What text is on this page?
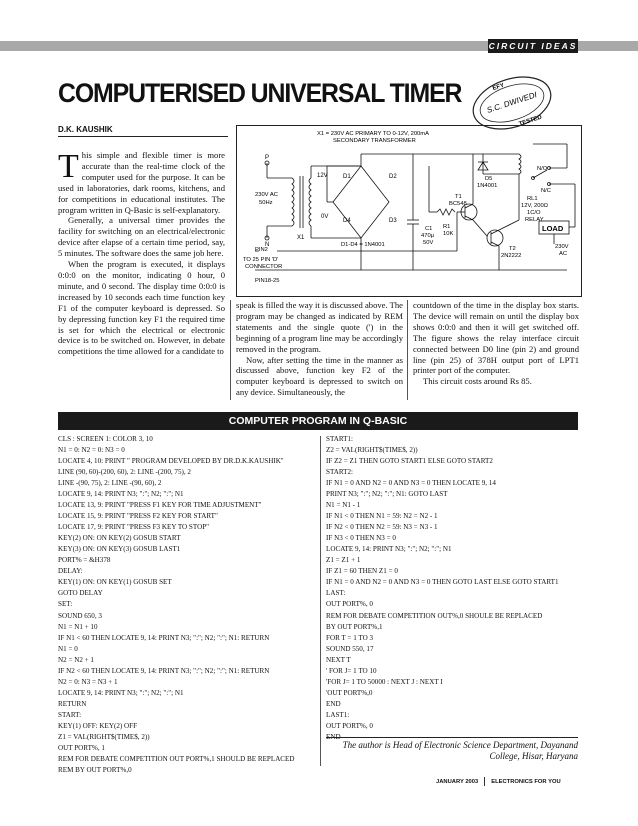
CIRCUIT IDEAS
COMPUTERISED UNIVERSAL TIMER	S.C. DWIVEDI
EFY
TESTED
D.K. KAUSHIK

This simple and flexible timer is more accurate than the real-time clock of the computer used for the purpose. It can be used in laboratories, dark rooms, kitchens, and for competitions in educational institutes. The program written in Q-Basic is self-explanatory.

Generally, a universal timer provides the facility for switching on an electrical/electronic device after elapse of a certain time period, say, 5 minutes. The software does the same job here.

When the program is executed, it displays 0:0:0 on the monitor, indicating 0 hour, 0 minute, and 0 second. The display time 0:0:0 is increased by 10 seconds each time function key F1 of the computer keyboard is depressed. So by depressing function key F1 the required time is set for which the electrical or electronic device is to be switched on. However, in debate competitions the time allowed for a candidate to

X1 = 230V AC PRIMARY TO 0-12V, 200mA
SECONDARY TRANSFORMER
P
230V AC
50Hz
N
X1
12V
0V
D1	D2
D3
D4
D1-D4 = 1N4001
C1
470µ
50V
D5
1N4001
T1
BC548
R1
10K
T2
2N2222
RL1
12V, 200Ω
1C/O
RELAY
N/O
N/C
LOAD
230V
AC
PIN2
TO 25 PIN 'D'
CONNECTOR
PIN18-25

speak is filled the way it is discussed above. The program may be changed as indicated by REM statements and the single quote (') in the beginning of a program line may be accordingly removed in the program.

Now, after setting the time in the manner as discussed above, function key F2 of the computer keyboard is depressed to switch on any device. Simultaneously, the

countdown of the time in the display box starts. The device will remain on until the display box shows 0:0:0 and then it will get switched off. The figure shows the relay interface circuit connected between D0 line (pin 2) and ground line (pin 25) of 378H output port of LPT1 printer port of the computer.

This circuit costs around Rs 85.

COMPUTER PROGRAM IN Q-BASIC
CLS : SCREEN 1: COLOR 3, 10
N1 = 0: N2 = 0: N3 = 0
LOCATE 4, 10: PRINT " PROGRAM DEVELOPED BY DR.D.K.KAUSHIK"
LINE (90, 60)-(200, 60), 2: LINE -(200, 75), 2
LINE -(90, 75), 2: LINE -(90, 60), 2
LOCATE 9, 14: PRINT N3; ":"; N2; ":"; N1
LOCATE 13, 9: PRINT "PRESS F1 KEY FOR TIME ADJUSTMENT"
LOCATE 15, 9: PRINT "PRESS F2 KEY FOR START"
LOCATE 17, 9: PRINT "PRESS F3 KEY TO STOP"
KEY(2) ON: ON KEY(2) GOSUB START
KEY(3) ON: ON KEY(3) GOSUB LAST1
PORT% = &H378
DELAY:
KEY(1) ON: ON KEY(1) GOSUB SET
GOTO DELAY
SET:
SOUND 650, 3
N1 = N1 + 10
IF N1 < 60 THEN LOCATE 9, 14: PRINT N3; ":"; N2; ":"; N1: RETURN
N1 = 0
N2 = N2 + 1
IF N2 < 60 THEN LOCATE 9, 14: PRINT N3; ":"; N2; ":"; N1: RETURN
N2 = 0: N3 = N3 + 1
LOCATE 9, 14: PRINT N3; ":"; N2; ":"; N1
RETURN
START:
KEY(1) OFF: KEY(2) OFF
Z1 = VAL(RIGHT$(TIME$, 2))
OUT PORT%, 1
REM FOR DEBATE COMPETITION OUT PORT%,1 SHOULD BE REPLACED
REM BY OUT PORT%,0
START1:
Z2 = VAL(RIGHT$(TIME$, 2))
IF Z2 = Z1 THEN GOTO START1 ELSE GOTO START2
START2:
IF N1 = 0 AND N2 = 0 AND N3 = 0 THEN LOCATE 9, 14
PRINT N3; ":"; N2; ":"; N1: GOTO LAST
N1 = N1 - 1
IF N1 < 0 THEN N1 = 59: N2 = N2 - 1
IF N2 < 0 THEN N2 = 59: N3 = N3 - 1
IF N3 < 0 THEN N3 = 0
LOCATE 9, 14: PRINT N3; ":"; N2; ":"; N1
Z1 = Z1 + 1
IF Z1 = 60 THEN Z1 = 0
IF N1 = 0 AND N2 = 0 AND N3 = 0 THEN GOTO LAST ELSE GOTO START1
LAST:
OUT PORT%, 0
REM FOR DEBATE COMPETITION OUT%,0 SHOULE BE REPLACED
BY OUT PORT%,1
FOR T = 1 TO 3
SOUND 550, 17
NEXT T
' FOR J= 1 TO 10
'FOR J= 1 TO 50000 : NEXT J : NEXT I
'OUT PORT%,0
END
LAST1:
OUT PORT%, 0
END
The author is Head of Electronic Science Department, Dayanand
College, Hisar, Haryana
JANUARY 2003 ELECTRONICS FOR YOU
